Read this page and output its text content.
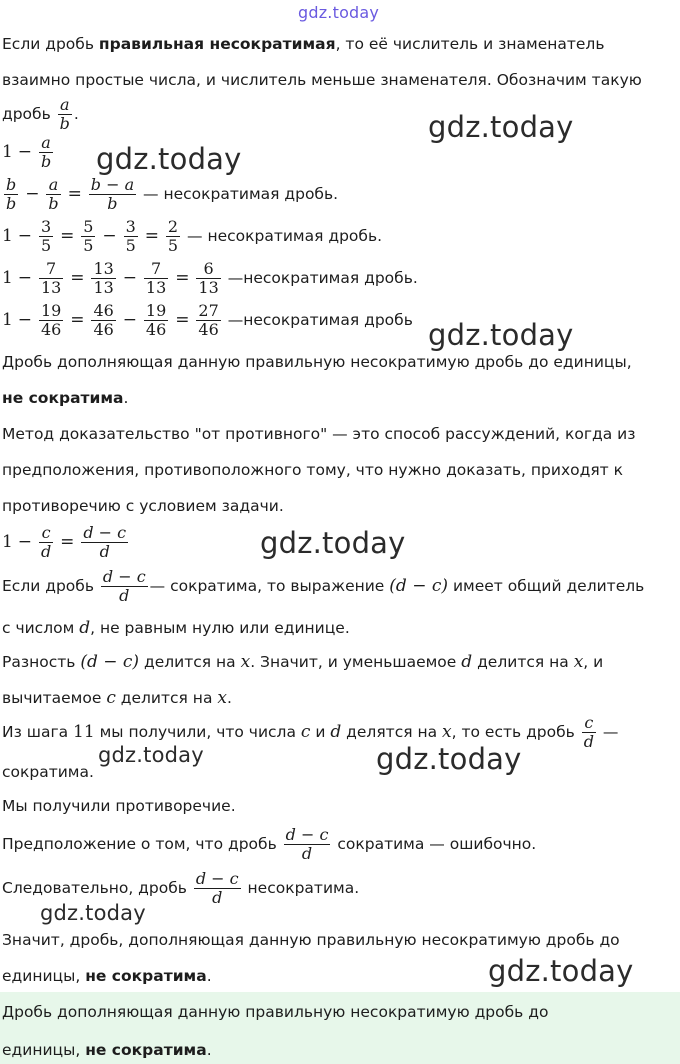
gdz.today
gdz.today
gdz.today
gdz.today
gdz.today
gdz.today	gdz.today
gdz.today
gdz.today
Если дробь правильная несократимая, то её числитель и знаменатель
взаимно простые числа, и числитель меньше знаменателя. Обозначим такую
дробь $\frac{a}{b}$ .
$1 - \frac{a}{b}$
$\frac{b}{b} - \frac{a}{b} = \frac{b - a}{b}$ — несократимая дробь.
$1 - \frac{3}{5} = \frac{5}{5} - \frac{3}{5} = \frac{2}{5}$ — несократимая дробь.
$1 - \frac{7}{13} = \frac{13}{13} - \frac{7}{13} = \frac{6}{13}$ —несократимая дробь.
$1 - \frac{19}{46} = \frac{46}{46} - \frac{19}{46} = \frac{27}{46}$ —несократимая дробь
Дробь дополняющая данную правильную несократимую дробь до единицы,
не сократима.
Метод доказательство "от противного" — это способ рассуждений, когда из
предположения, противоположного тому, что нужно доказать, приходят к
противоречию с условием задачи.
$1 - \frac{c}{d} = \frac{d - c}{d}$
Если дробь $\frac{d - c}{d}$ — сократима, то выражение (d − c) имеет общий делитель
с числом d, не равным нулю или единице.
Разность (d − c) делится на x. Значит, и уменьшаемое d делится на x, и
вычитаемое c делится на x.
Из шага 11 мы получили, что числа c и d делятся на x, то есть дробь $\frac{c}{d}$ —
сократима.
Мы получили противоречие.
Предположение о том, что дробь $\frac{d - c}{d}$ сократима — ошибочно.
Следовательно, дробь $\frac{d - c}{d}$ несократима.
Значит, дробь, дополняющая данную правильную несократимую дробь до
единицы, не сократима.
Дробь дополняющая данную правильную несократимую дробь до
единицы, не сократима.
